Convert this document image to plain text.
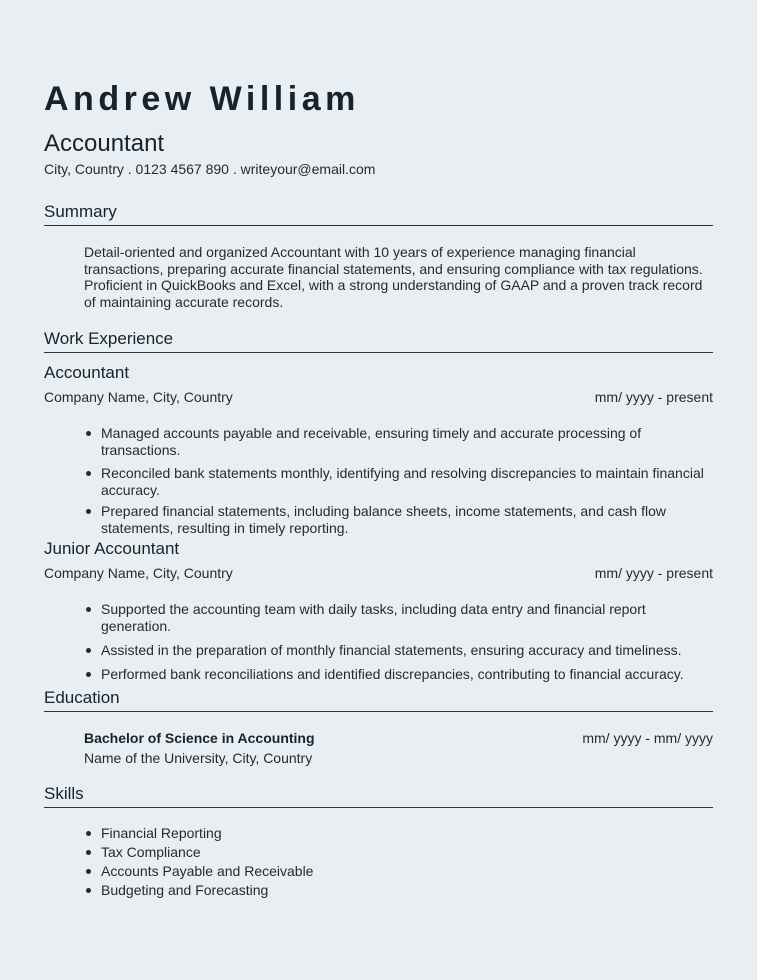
Andrew William
Accountant
City, Country . 0123 4567 890 . writeyour@email.com
Summary
Detail-oriented and organized Accountant with 10 years of experience managing financial transactions, preparing accurate financial statements, and ensuring compliance with tax regulations. Proficient in QuickBooks and Excel, with a strong understanding of GAAP and a proven track record of maintaining accurate records.
Work Experience
Accountant
Company Name, City, Country	mm/ yyyy - present
Managed accounts payable and receivable, ensuring timely and accurate processing of transactions.
Reconciled bank statements monthly, identifying and resolving discrepancies to maintain financial accuracy.
Prepared financial statements, including balance sheets, income statements, and cash flow statements, resulting in timely reporting.
Junior Accountant
Company Name, City, Country	mm/ yyyy - present
Supported the accounting team with daily tasks, including data entry and financial report generation.
Assisted in the preparation of monthly financial statements, ensuring accuracy and timeliness.
Performed bank reconciliations and identified discrepancies, contributing to financial accuracy.
Education
Bachelor of Science in Accounting	mm/ yyyy - mm/ yyyy
Name of the University, City, Country
Skills
Financial Reporting
Tax Compliance
Accounts Payable and Receivable
Budgeting and Forecasting
